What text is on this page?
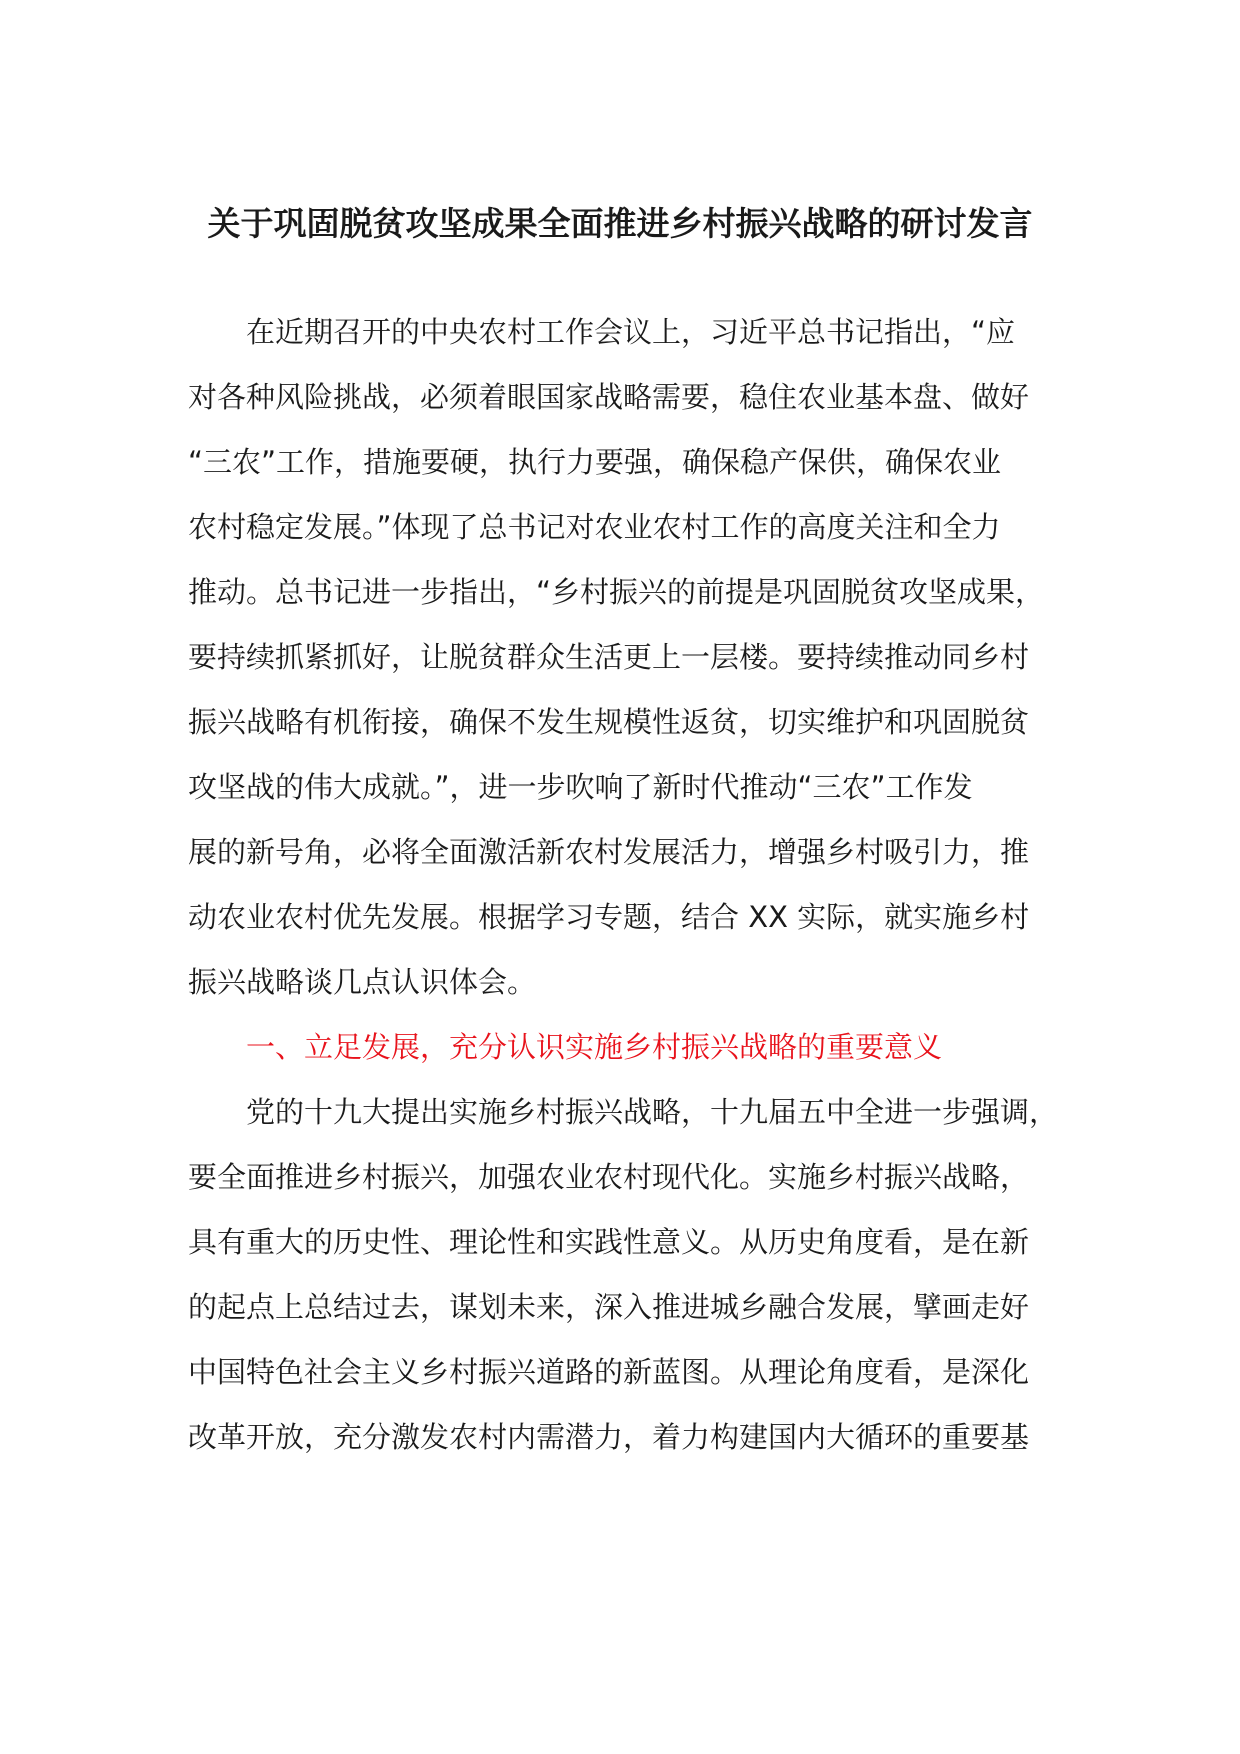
关于巩固脱贫攻坚成果全面推进乡村振兴战略的研讨发言
　　在近期召开的中央农村工作会议上，习近平总书记指出，“应
对各种风险挑战，必须着眼国家战略需要，稳住农业基本盘、做好
“三农”工作，措施要硬，执行力要强，确保稳产保供，确保农业
农村稳定发展。”体现了总书记对农业农村工作的高度关注和全力
推动。总书记进一步指出，“乡村振兴的前提是巩固脱贫攻坚成果，
要持续抓紧抓好，让脱贫群众生活更上一层楼。要持续推动同乡村
振兴战略有机衔接，确保不发生规模性返贫，切实维护和巩固脱贫
攻坚战的伟大成就。”，进一步吹响了新时代推动“三农”工作发
展的新号角，必将全面激活新农村发展活力，增强乡村吸引力，推
动农业农村优先发展。根据学习专题，结合 XX 实际，就实施乡村
振兴战略谈几点认识体会。
　　一、立足发展，充分认识实施乡村振兴战略的重要意义
　　党的十九大提出实施乡村振兴战略，十九届五中全进一步强调，
要全面推进乡村振兴，加强农业农村现代化。实施乡村振兴战略，
具有重大的历史性、理论性和实践性意义。从历史角度看，是在新
的起点上总结过去，谋划未来，深入推进城乡融合发展，擘画走好
中国特色社会主义乡村振兴道路的新蓝图。从理论角度看，是深化
改革开放，充分激发农村内需潜力，着力构建国内大循环的重要基
